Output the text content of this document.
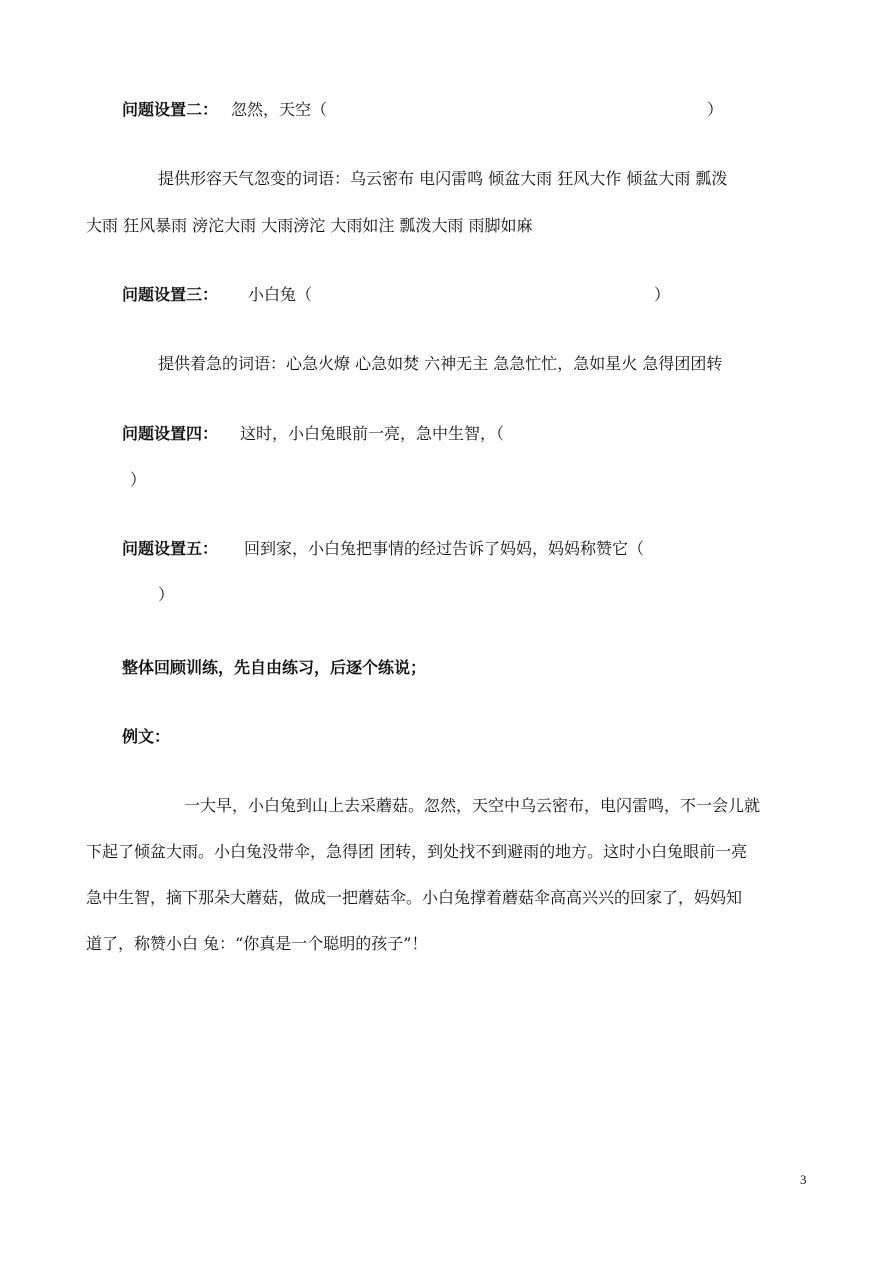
问题设置二： 忽然，天空（	）
提供形容天气忽变的词语：乌云密布 电闪雷鸣 倾盆大雨 狂风大作 倾盆大雨 瓢泼
大雨 狂风暴雨 滂沱大雨 大雨滂沱 大雨如注 瓢泼大雨 雨脚如麻
问题设置三： 小白兔（	）
提供着急的词语：心急火燎 心急如焚 六神无主 急急忙忙，急如星火 急得团团转
问题设置四： 这时，小白兔眼前一亮，急中生智，（
）
问题设置五： 回到家，小白兔把事情的经过告诉了妈妈，妈妈称赞它（
）
整体回顾训练，先自由练习，后逐个练说；
例文：
一大早，小白兔到山上去采蘑菇。忽然，天空中乌云密布，电闪雷鸣，不一会儿就
下起了倾盆大雨。小白兔没带伞，急得团 团转，到处找不到避雨的地方。这时小白兔眼前一亮
急中生智，摘下那朵大蘑菇，做成一把蘑菇伞。小白兔撑着蘑菇伞高高兴兴的回家了，妈妈知
道了，称赞小白 兔：“你真是一个聪明的孩子”！
3
